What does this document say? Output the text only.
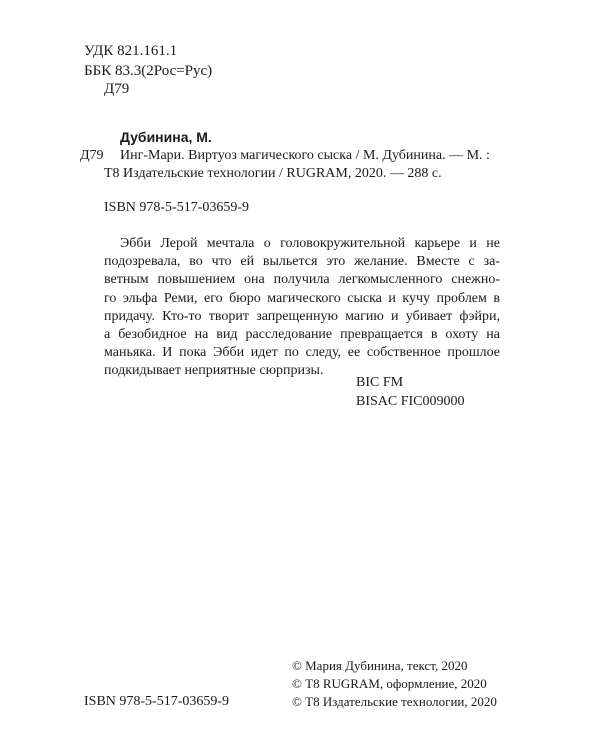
УДК 821.161.1
ББК 83.3(2Рос=Рус)
Д79
Дубинина, М.
Д79 Инг-Мари. Виртуоз магического сыска / М. Дубинина. — М. :
Т8 Издательские технологии / RUGRAM, 2020. — 288 с.
ISBN 978-5-517-03659-9
Эбби Лерой мечтала о головокружительной карьере и не
подозревала, во что ей выльется это желание. Вместе с за-
ветным повышением она получила легкомысленного снежно-
го эльфа Реми, его бюро магического сыска и кучу проблем в
придачу. Кто-то творит запрещенную магию и убивает фэйри,
а безобидное на вид расследование превращается в охоту на
маньяка. И пока Эбби идет по следу, ее собственное прошлое
подкидывает неприятные сюрпризы.
BIC FM
BISAC FIC009000
© Мария Дубинина, текст, 2020
© Т8 RUGRAM, оформление, 2020
© Т8 Издательские технологии, 2020
ISBN 978-5-517-03659-9
